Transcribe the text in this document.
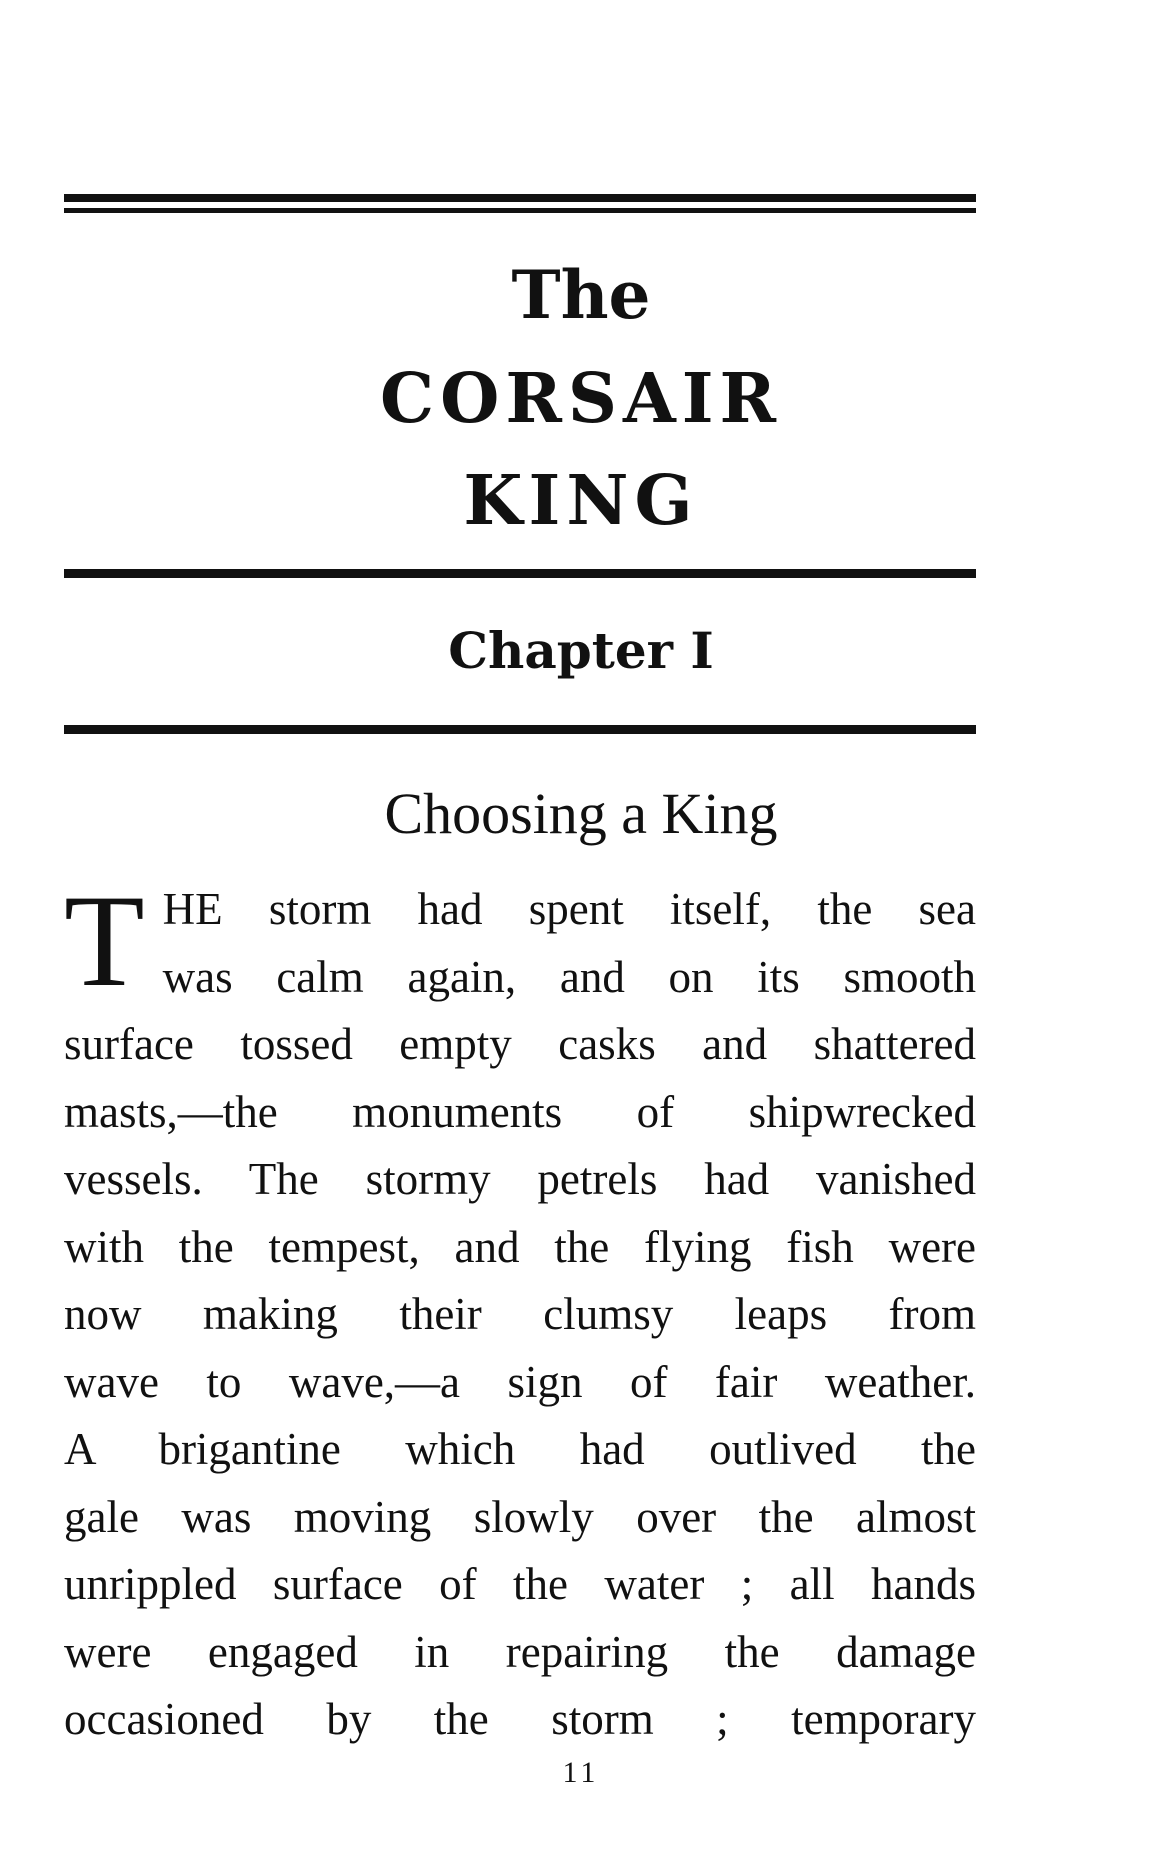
The
CORSAIR
KING
Chapter I
Choosing a King
T HE storm had spent itself, the sea
was calm again, and on its smooth
surface tossed empty casks and shattered
masts,—the monuments of shipwrecked
vessels. The stormy petrels had vanished
with the tempest, and the flying fish were
now making their clumsy leaps from
wave to wave,—a sign of fair weather.
A brigantine which had outlived the
gale was moving slowly over the almost
unrippled surface of the water ; all hands
were engaged in repairing the damage
occasioned by the storm ; temporary
11
